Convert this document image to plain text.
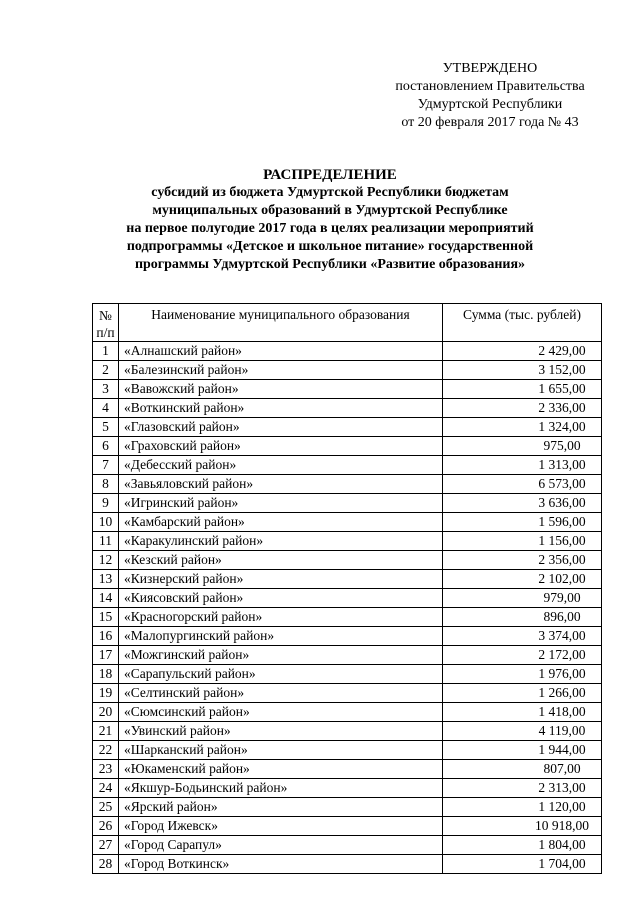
УТВЕРЖДЕНО
постановлением Правительства
Удмуртской Республики
от 20 февраля 2017 года № 43
РАСПРЕДЕЛЕНИЕ
субсидий из бюджета Удмуртской Республики бюджетам
муниципальных образований в Удмуртской Республике
на первое полугодие 2017 года в целях реализации мероприятий
подпрограммы «Детское и школьное питание» государственной
программы Удмуртской Республики «Развитие образования»
№
п/п	Наименование муниципального образования	Сумма (тыс. рублей)
1	«Алнашский район»	2 429,00
2	«Балезинский район»	3 152,00
3	«Вавожский район»	1 655,00
4	«Воткинский район»	2 336,00
5	«Глазовский район»	1 324,00
6	«Граховский район»	975,00
7	«Дебесский район»	1 313,00
8	«Завьяловский район»	6 573,00
9	«Игринский район»	3 636,00
10	«Камбарский район»	1 596,00
11	«Каракулинский район»	1 156,00
12	«Кезский район»	2 356,00
13	«Кизнерский район»	2 102,00
14	«Киясовский район»	979,00
15	«Красногорский район»	896,00
16	«Малопургинский район»	3 374,00
17	«Можгинский район»	2 172,00
18	«Сарапульский район»	1 976,00
19	«Селтинский район»	1 266,00
20	«Сюмсинский район»	1 418,00
21	«Увинский район»	4 119,00
22	«Шарканский район»	1 944,00
23	«Юкаменский район»	807,00
24	«Якшур-Бодьинский район»	2 313,00
25	«Ярский район»	1 120,00
26	«Город Ижевск»	10 918,00
27	«Город Сарапул»	1 804,00
28	«Город Воткинск»	1 704,00
